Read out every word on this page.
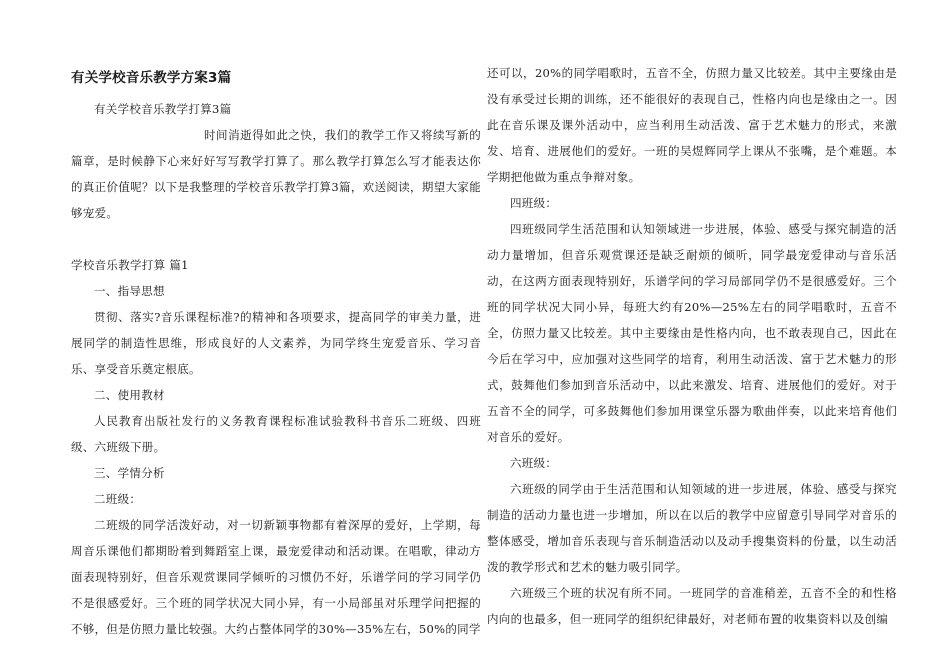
有关学校音乐教学方案3篇

有关学校音乐教学打算3篇

时间消逝得如此之快，我们的教学工作又将续写新的篇章，是时候静下心来好好写写教学打算了。那么教学打算怎么写才能表达你的真正价值呢？以下是我整理的学校音乐教学打算3篇，欢送阅读，期望大家能够宠爱。

学校音乐教学打算 篇1

一、指导思想

贯彻、落实?音乐课程标准?的精神和各项要求，提高同学的审美力量，进展同学的制造性思维，形成良好的人文素养，为同学终生宠爱音乐、学习音乐、享受音乐奠定根底。

二、使用教材

人民教育出版社发行的义务教育课程标准试验教科书音乐二班级、四班级、六班级下册。

三、学情分析

二班级：

二班级的同学活泼好动，对一切新颖事物都有着深厚的爱好，上学期，每周音乐课他们都期盼着到舞蹈室上课，最宠爱律动和活动课。在唱歌，律动方面表现特别好，但音乐观赏课同学倾听的习惯仍不好，乐谱学问的学习同学仍不是很感爱好。三个班的同学状况大同小异，有一小局部虽对乐理学问把握的不够，但是仿照力量比较强。大约占整体同学的30%—35%左右，50%的同学

还可以，20%的同学唱歌时，五音不全，仿照力量又比较差。其中主要缘由是没有承受过长期的训练，还不能很好的表现自己，性格内向也是缘由之一。因此在音乐课及课外活动中，应当利用生动活泼、富于艺术魅力的形式，来激发、培育、进展他们的爱好。一班的吴煜辉同学上课从不张嘴，是个难题。本学期把他做为重点争辩对象。

四班级：

四班级同学生活范围和认知领域进一步进展，体验、感受与探究制造的活动力量增加，但音乐观赏课还是缺乏耐烦的倾听，同学最宠爱律动与音乐活动，在这两方面表现特别好，乐谱学问的学习局部同学仍不是很感爱好。三个班的同学状况大同小异，每班大约有20%—25%左右的同学唱歌时，五音不全，仿照力量又比较差。其中主要缘由是性格内向，也不敢表现自己，因此在今后在学习中，应加强对这些同学的培育，利用生动活泼、富于艺术魅力的形式，鼓舞他们参加到音乐活动中，以此来激发、培育、进展他们的爱好。对于五音不全的同学，可多鼓舞他们参加用课堂乐器为歌曲伴奏，以此来培育他们对音乐的爱好。

六班级：

六班级的同学由于生活范围和认知领域的进一步进展，体验、感受与探究制造的活动力量也进一步增加，所以在以后的教学中应留意引导同学对音乐的整体感受，增加音乐表现与音乐制造活动以及动手搜集资料的份量，以生动活泼的教学形式和艺术的魅力吸引同学。

六班级三个班的状况有所不同。一班同学的音准稍差，五音不全的和性格内向的也最多，但一班同学的组织纪律最好，对老师布置的收集资料以及创编
